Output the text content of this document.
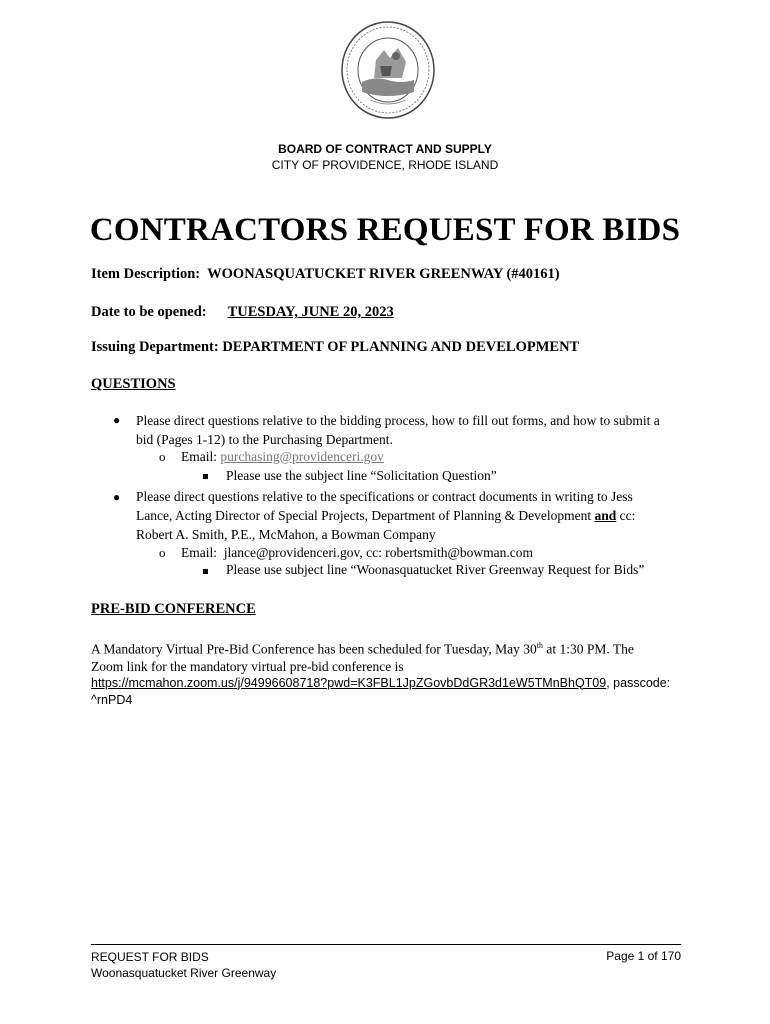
BOARD OF CONTRACT AND SUPPLY
CITY OF PROVIDENCE, RHODE ISLAND
CONTRACTORS REQUEST FOR BIDS
Item Description: WOONASQUATUCKET RIVER GREENWAY (#40161)
Date to be opened: TUESDAY, JUNE 20, 2023
Issuing Department: DEPARTMENT OF PLANNING AND DEVELOPMENT
QUESTIONS
● Please direct questions relative to the bidding process, how to fill out forms, and how to submit a
bid (Pages 1-12) to the Purchasing Department.
o Email: purchasing@providenceri.gov
Please use the subject line “Solicitation Question”
● Please direct questions relative to the specifications or contract documents in writing to Jess
Lance, Acting Director of Special Projects, Department of Planning & Development and cc:
Robert A. Smith, P.E., McMahon, a Bowman Company
o Email: jlance@providenceri.gov, cc: robertsmith@bowman.com
Please use subject line “Woonasquatucket River Greenway Request for Bids”
PRE-BID CONFERENCE
A Mandatory Virtual Pre-Bid Conference has been scheduled for Tuesday, May 30th at 1:30 PM. The
Zoom link for the mandatory virtual pre-bid conference is
https://mcmahon.zoom.us/j/94996608718?pwd=K3FBL1JpZGovbDdGR3d1eW5TMnBhQT09, passcode:
^rnPD4
REQUEST FOR BIDS
Woonasquatucket River Greenway
Page 1 of 170
